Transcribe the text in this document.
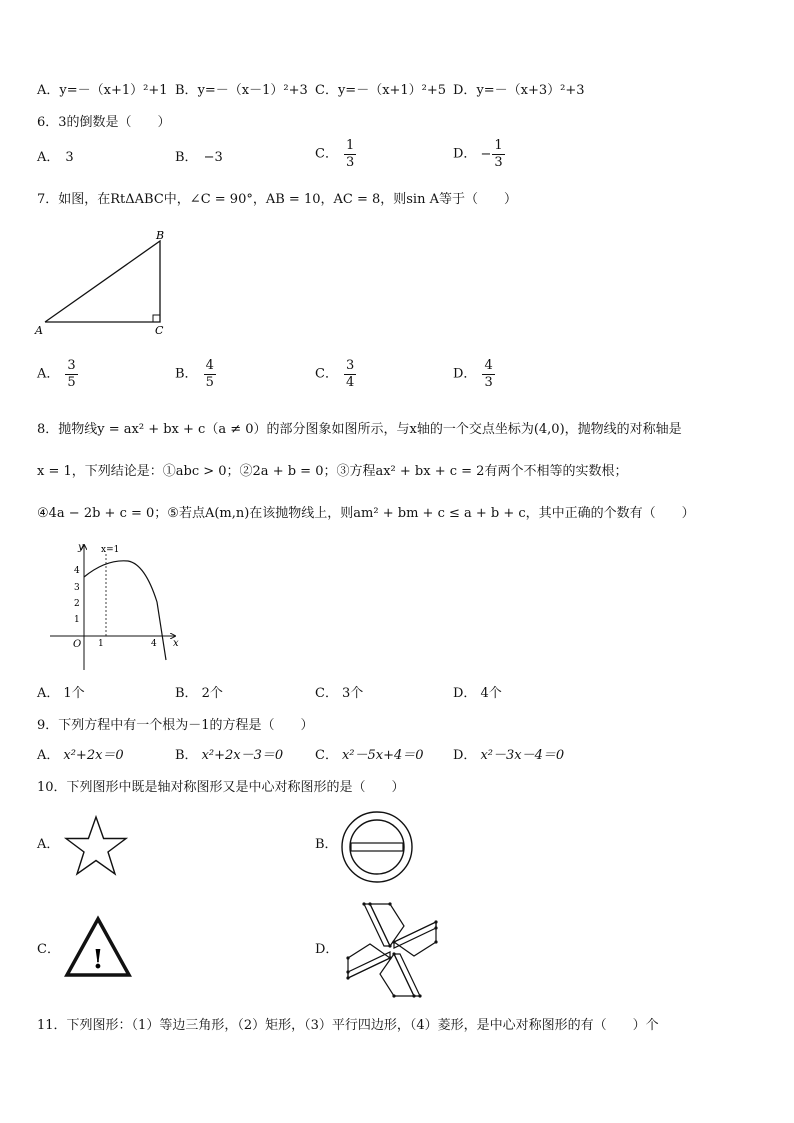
A．y=－（x+1）²+1 B．y=－（x－1）²+3 C．y=－（x+1）²+5 D．y=－（x+3）²+3
6．3的倒数是（　　）
A． 3	B． −3	C． $\frac{1}{3}$	D． − $\frac{1}{3}$
7．如图，在RtΔABC中，∠C = 90°，AB = 10，AC = 8，则sin A等于（　　）
A
B
C
A． $\frac{3}{5}$	B． $\frac{4}{5}$	C． $\frac{3}{4}$	D． $\frac{4}{3}$
8．抛物线y = ax² + bx + c（a ≠ 0）的部分图象如图所示，与x轴的一个交点坐标为(4,0)，抛物线的对称轴是
x = 1，下列结论是：①abc > 0；②2a + b = 0；③方程ax² + bx + c = 2有两个不相等的实数根；
④4a − 2b + c = 0；⑤若点A(m,n)在该抛物线上，则am² + bm + c ≤ a + b + c，其中正确的个数有（　　）
y
x
x=1
4
3
2
1
O 1	4
A． 1个	B． 2个	C． 3个	D． 4个
9．下列方程中有一个根为－1的方程是（　　）
A． x²+2x＝0	B． x²+2x－3＝0 C． x²－5x+4＝0 D． x²－3x－4＝0
10．下列图形中既是轴对称图形又是中心对称图形的是（　　）
A．	B．
C． !	D．
11．下列图形：（1）等边三角形，（2）矩形，（3）平行四边形，（4）菱形，是中心对称图形的有（　　）个
